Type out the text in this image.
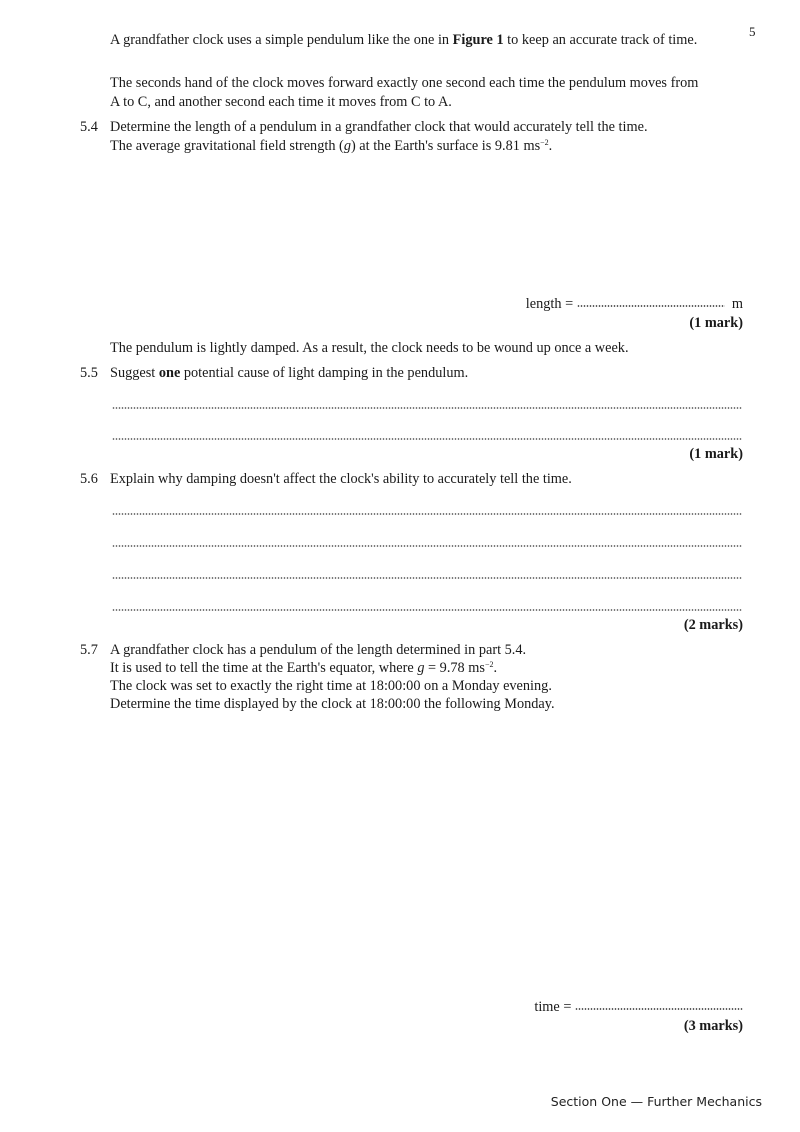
5
A grandfather clock uses a simple pendulum like the one in Figure 1 to keep an accurate track of time.
The seconds hand of the clock moves forward exactly one second each time the pendulum moves from
A to C, and another second each time it moves from C to A.
5.4 Determine the length of a pendulum in a grandfather clock that would accurately tell the time.
The average gravitational field strength (g) at the Earth's surface is 9.81 $ms^{-2}$.
length =	m
(1 mark)
The pendulum is lightly damped. As a result, the clock needs to be wound up once a week.
5.5 Suggest one potential cause of light damping in the pendulum.
(1 mark)
5.6 Explain why damping doesn't affect the clock's ability to accurately tell the time.
(2 marks)
5.7 A grandfather clock has a pendulum of the length determined in part 5.4.
It is used to tell the time at the Earth's equator, where g = 9.78 $ms^{-2}$.
The clock was set to exactly the right time at 18:00:00 on a Monday evening.
Determine the time displayed by the clock at 18:00:00 the following Monday.
time =
(3 marks)
Section One — Further Mechanics
